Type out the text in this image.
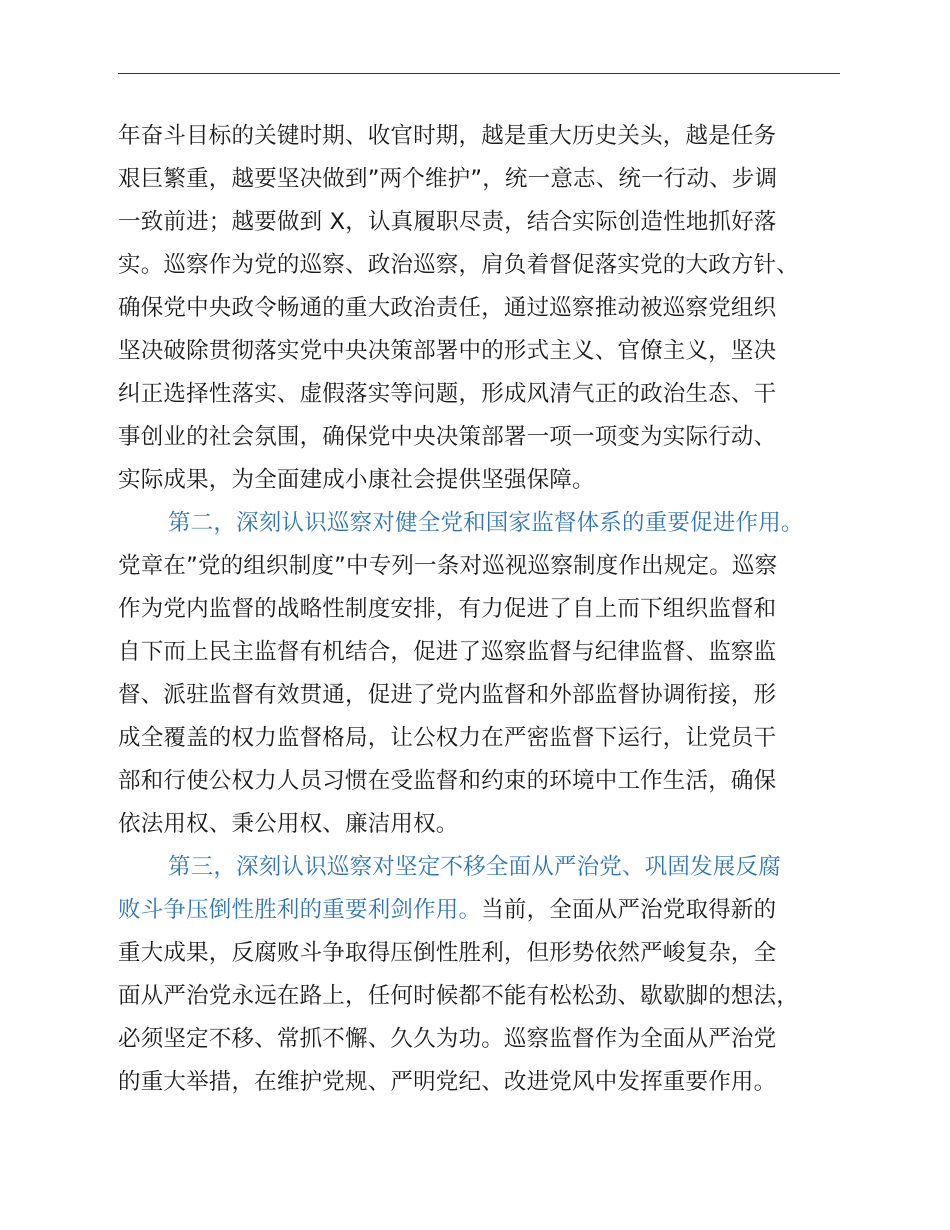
年奋斗目标的关键时期、收官时期，越是重大历史关头，越是任务
艰巨繁重，越要坚决做到”两个维护”，统一意志、统一行动、步调
一致前进；越要做到 X，认真履职尽责，结合实际创造性地抓好落
实。巡察作为党的巡察、政治巡察，肩负着督促落实党的大政方针、
确保党中央政令畅通的重大政治责任，通过巡察推动被巡察党组织
坚决破除贯彻落实党中央决策部署中的形式主义、官僚主义，坚决
纠正选择性落实、虚假落实等问题，形成风清气正的政治生态、干
事创业的社会氛围，确保党中央决策部署一项一项变为实际行动、
实际成果，为全面建成小康社会提供坚强保障。
第二，深刻认识巡察对健全党和国家监督体系的重要促进作用。
党章在”党的组织制度”中专列一条对巡视巡察制度作出规定。巡察
作为党内监督的战略性制度安排，有力促进了自上而下组织监督和
自下而上民主监督有机结合，促进了巡察监督与纪律监督、监察监
督、派驻监督有效贯通，促进了党内监督和外部监督协调衔接，形
成全覆盖的权力监督格局，让公权力在严密监督下运行，让党员干
部和行使公权力人员习惯在受监督和约束的环境中工作生活，确保
依法用权、秉公用权、廉洁用权。
第三，深刻认识巡察对坚定不移全面从严治党、巩固发展反腐
败斗争压倒性胜利的重要利剑作用。当前，全面从严治党取得新的
重大成果，反腐败斗争取得压倒性胜利，但形势依然严峻复杂，全
面从严治党永远在路上，任何时候都不能有松松劲、歇歇脚的想法，
必须坚定不移、常抓不懈、久久为功。巡察监督作为全面从严治党
的重大举措，在维护党规、严明党纪、改进党风中发挥重要作用。
